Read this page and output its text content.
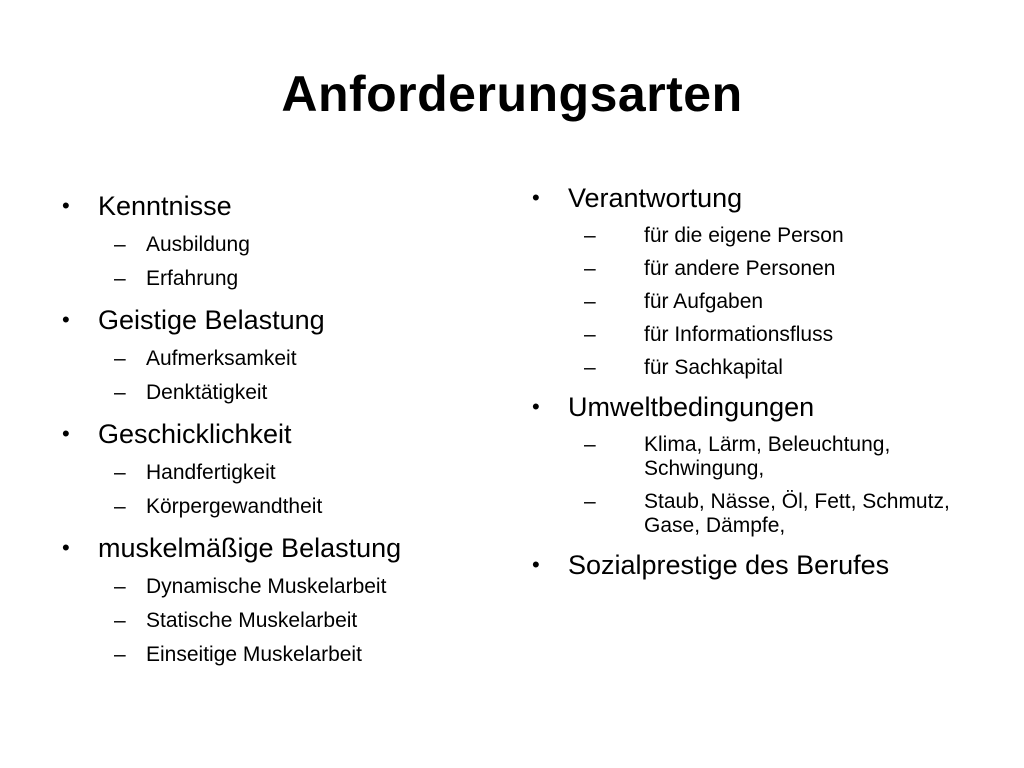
Anforderungsarten
• Kenntnisse
– Ausbildung
– Erfahrung
• Geistige Belastung
– Aufmerksamkeit
– Denktätigkeit
• Geschicklichkeit
– Handfertigkeit
– Körpergewandtheit
• muskelmäßige Belastung
– Dynamische Muskelarbeit
– Statische Muskelarbeit
– Einseitige Muskelarbeit
• Verantwortung
– für die eigene Person
– für andere Personen
– für Aufgaben
– für Informationsfluss
– für Sachkapital
• Umweltbedingungen
– Klima, Lärm, Beleuchtung, Schwingung,
– Staub, Nässe, Öl, Fett, Schmutz, Gase, Dämpfe,
• Sozialprestige des Berufes
